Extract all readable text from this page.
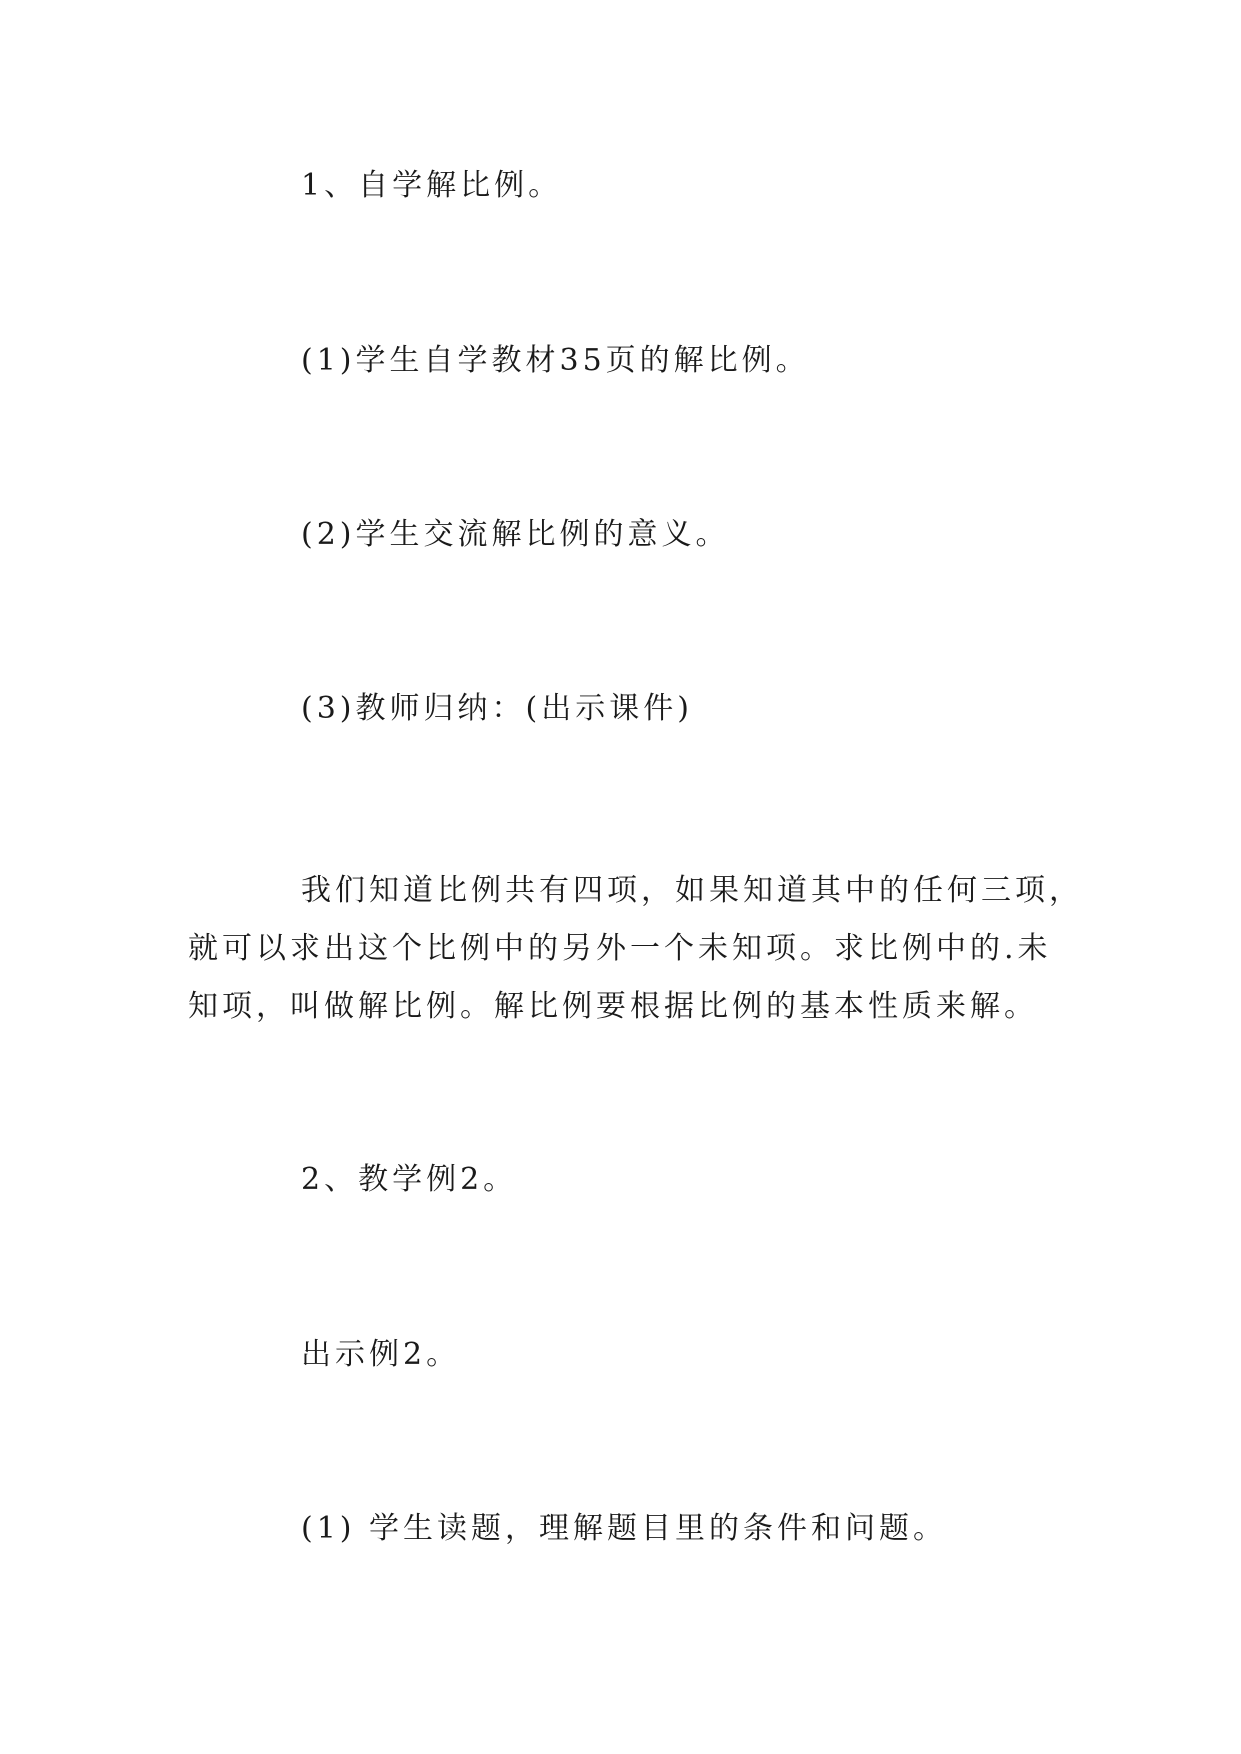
1、自学解比例。
(1)学生自学教材35页的解比例。
(2)学生交流解比例的意义。
(3)教师归纳：(出示课件)
我们知道比例共有四项，如果知道其中的任何三项，
就可以求出这个比例中的另外一个未知项。求比例中的.未
知项，叫做解比例。解比例要根据比例的基本性质来解。
2、教学例2。
出示例2。
(1) 学生读题，理解题目里的条件和问题。
